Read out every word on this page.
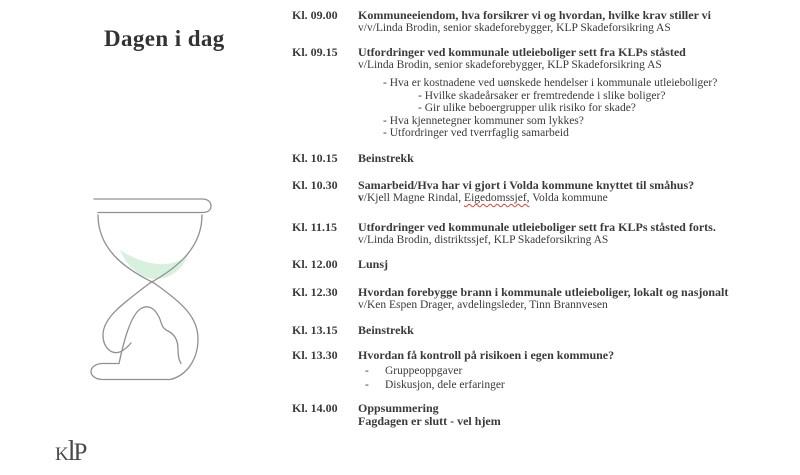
Dagen i dag
Kl. 09.00	Kommuneeiendom, hva forsikrer vi og hvordan, hvilke krav stiller vi
v/v/Linda Brodin, senior skadeforebygger, KLP Skadeforsikring AS
Kl. 09.15	Utfordringer ved kommunale utleieboliger sett fra KLPs ståsted
v/Linda Brodin, senior skadeforebygger, KLP Skadeforsikring AS
- Hva er kostnadene ved uønskede hendelser i kommunale utleieboliger?
- Hvilke skadeårsaker er fremtredende i slike boliger?
- Gir ulike beboergrupper ulik risiko for skade?
- Hva kjennetegner kommuner som lykkes?
- Utfordringer ved tverrfaglig samarbeid
Kl. 10.15	Beinstrekk
Kl. 10.30	Samarbeid/Hva har vi gjort i Volda kommune knyttet til småhus?
v/Kjell Magne Rindal, Eigedomssjef, Volda kommune
Kl. 11.15	Utfordringer ved kommunale utleieboliger sett fra KLPs ståsted forts.
v/Linda Brodin, distriktssjef, KLP Skadeforsikring AS
Kl. 12.00	Lunsj
Kl. 12.30	Hvordan forebygge brann i kommunale utleieboliger, lokalt og nasjonalt
v/Ken Espen Drager, avdelingsleder, Tinn Brannvesen
Kl. 13.15	Beinstrekk
Kl. 13.30	Hvordan få kontroll på risikoen i egen kommune?
-	Gruppeoppgaver
-	Diskusjon, dele erfaringer
Kl. 14.00	Oppsummering
Fagdagen er slutt - vel hjem
K l
P
